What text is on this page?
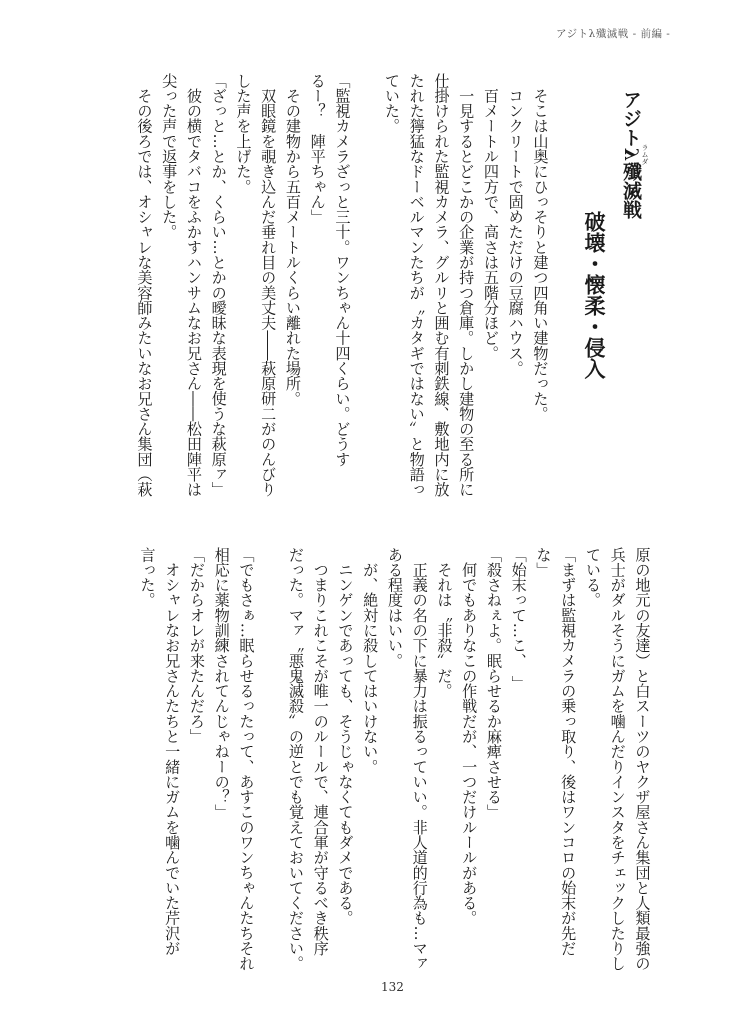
アジトλ殲滅戦 - 前編 -
アジトλ ラムダ殲滅戦
破壊・懐柔・侵入
　そこは山奥にひっそりと建つ四角い建物だった。
　コンクリートで固めただけの豆腐ハウス。
　百メートル四方で、高さは五階分ほど。
　一見するとどこかの企業が持つ倉庫。しかし建物の至る所に
仕掛けられた監視カメラ、グルリと囲む有刺鉄線、敷地内に放
たれた獰猛なドーベルマンたちが〝カタギではない〟と物語っ
ていた。
「監視カメラざっと三十。ワンちゃん十四くらい。どうす
るー？　陣平ちゃん」
　その建物から五百メートルくらい離れた場所。
　双眼鏡を覗き込んだ垂れ目の美丈夫――萩原研二がのんびり
した声を上げた。
「ざっと…とか、くらい…とかの曖昧な表現を使うな萩原ァ」
　彼の横でタバコをふかすハンサムなお兄さん――松田陣平は
尖った声で返事をした。
　その後ろでは、オシャレな美容師みたいなお兄さん集団（萩
原の地元の友達）と白スーツのヤクザ屋さん集団と人類最強の
兵士がダルそうにガムを噛んだりインスタをチェックしたりし
ている。
「まずは監視カメラの乗っ取り、後はワンコロの始末が先だ
な」
「始末って…こ、　」
「殺さねぇよ。眠らせるか麻痺させる」
　何でもありなこの作戦だが、一つだけルールがある。
　それは〝非殺〟だ。
　正義の名の下に暴力は振るっていい。非人道的行為も…マァ
ある程度はいい。
　が、絶対に殺してはいけない。
　ニンゲンであっても、そうじゃなくてもダメである。
　つまりこれこそが唯一のルールで、連合軍が守るべき秩序
だった。マァ〝悪鬼滅殺〟の逆とでも覚えておいてください。
「でもさぁ…眠らせるったって、あすこのワンちゃんたちそれ
相応に薬物訓練されてんじゃねーの？」
「だからオレが来たんだろ」
　オシャレなお兄さんたちと一緒にガムを噛んでいた芹沢が
言った。
132
